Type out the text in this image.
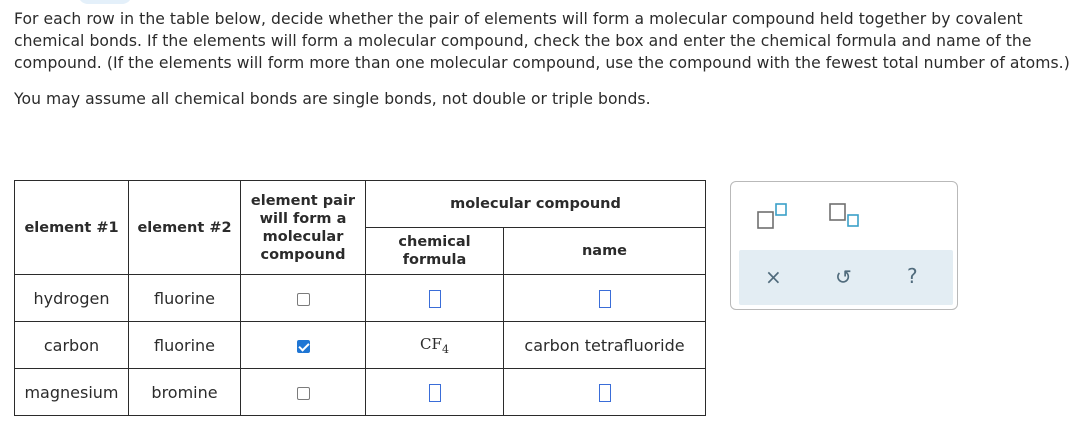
For each row in the table below, decide whether the pair of elements will form a molecular compound held together by covalent chemical bonds. If the elements will form a molecular compound, check the box and enter the chemical formula and name of the compound. (If the elements will form more than one molecular compound, use the compound with the fewest total number of atoms.)

You may assume all chemical bonds are single bonds, not double or triple bonds.

element #1	element #2	element pair will form a molecular compound	molecular compound	
			chemical formula	name
hydrogen	fluorine			
carbon	fluorine		$CF_4$	carbon tetrafluoride
magnesium	bromine			
×	↺	?
